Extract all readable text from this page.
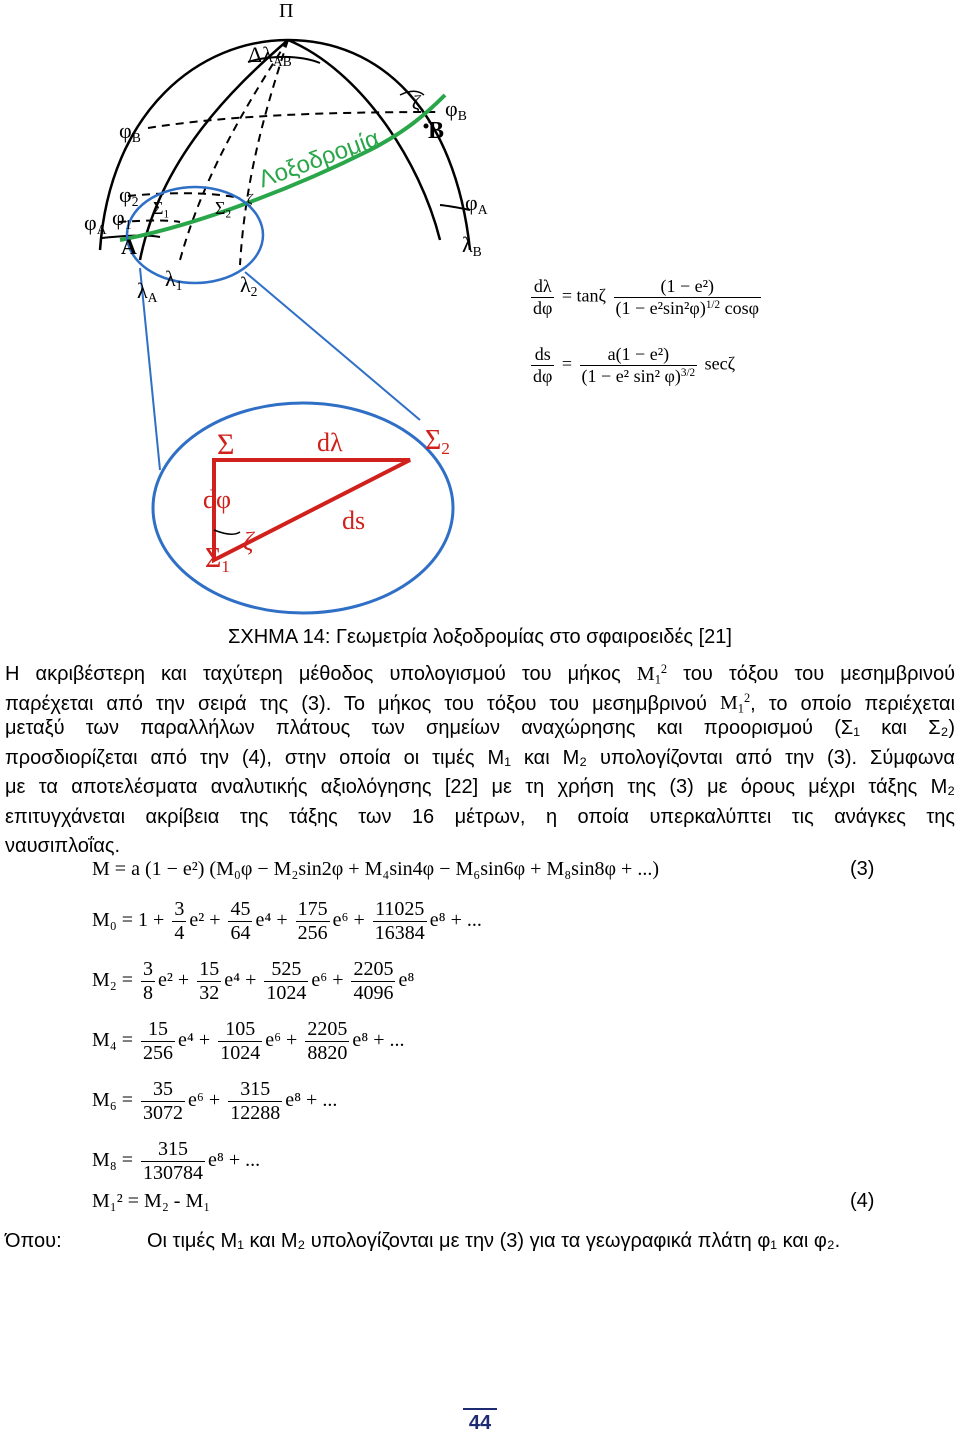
Π
$\Delta\lambda_{AB}$
$\varphi_B$
$\varphi_2$
$\varphi_1$
$\varphi_A$
$\Sigma_1$	$\Sigma_2$
A
$\varphi_B$
$\varphi_A$
B
ζ
$\lambda_B$
$\lambda_A$
$\lambda_1$	$\lambda_2$
Λοξοδρομία
ζ
Σ	$\Sigma_2$
$\Sigma_1$
dλ
dφ
ds
ζ
$\frac{d\lambda}{d\varphi} = \tan\zeta \frac{\text{(1 − e²)}}{(1 - e^2\sin^2\varphi)^{1/2} \cos\varphi}$
$\frac{ds}{d\varphi} = \frac{\text{a(1 − e²)}}{(1 - e^2 \sin^2 \varphi)^{3/2}}$ secζ
ΣΧΗΜΑ 14: Γεωμετρία λοξοδρομίας στο σφαιροειδές [21]
Η ακριβέστερη και ταχύτερη μέθοδος υπολογισμού του μήκος $M_1^2$ του τόξου του μεσημβρινού
παρέχεται από την σειρά της (3). Το μήκος του τόξου του μεσημβρινού $M_1^2$, το οποίο περιέχεται
μεταξύ των παραλλήλων πλάτους των σημείων αναχώρησης και προορισμού (Σ₁ και Σ₂)
προσδιορίζεται από την (4), στην οποία οι τιμές Μ₁ και Μ₂ υπολογίζονται από την (3). Σύμφωνα
με τα αποτελέσματα αναλυτικής αξιολόγησης [22] με τη χρήση της (3) με όρους μέχρι τάξης Μ₂
επιτυγχάνεται ακρίβεια της τάξης των 16 μέτρων, η οποία υπερκαλύπτει τις ανάγκες της
ναυσιπλοΐας.
M = a (1 − e²) (M₀φ − M₂sin2φ + M₄sin4φ − M₆sin6φ + M₈sin8φ + ...)	(3)
$M_0 = 1 + \frac{3}{4} e^2 + \frac{45}{64} e^4 + \frac{175}{256} e^6 + \frac{11025}{16384} e^8$ + ...
$M_2 = \frac{3}{8} e^2 + \frac{15}{32} e^4 + \frac{525}{1024} e^6 + \frac{2205}{4096} e^8$
$M_4 = \frac{15}{256} e^4 + \frac{105}{1024} e^6 + \frac{2205}{8820} e^8$ + ...
$M_6 = \frac{35}{3072} e^6 + \frac{315}{12288} e^8$ + ...
$M_8 = \frac{315}{130784} e^8$ + ...
M₁² = M₂ - M₁	(4)
Όπου:	Οι τιμές Μ₁ και Μ₂ υπολογίζονται με την (3) για τα γεωγραφικά πλάτη φ₁ και φ₂.
44
